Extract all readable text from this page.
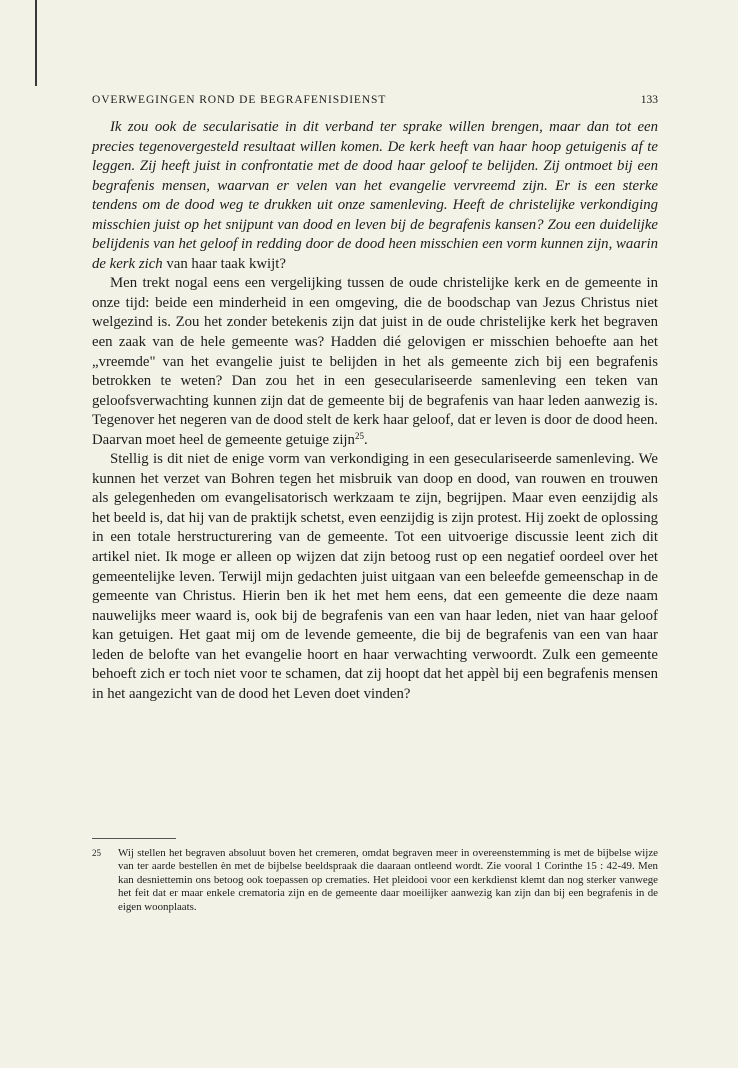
OVERWEGINGEN ROND DE BEGRAFENISDIENST	133

Ik zou ook de secularisatie in dit verband ter sprake willen brengen, maar dan tot een precies tegenovergesteld resultaat willen komen. De kerk heeft van haar hoop getuigenis af te leggen. Zij heeft juist in confrontatie met de dood haar geloof te belijden. Zij ontmoet bij een begrafenis mensen, waarvan er velen van het evangelie vervreemd zijn. Er is een sterke tendens om de dood weg te drukken uit onze samenleving. Heeft de christelijke verkondiging misschien juist op het snijpunt van dood en leven bij de begrafenis kansen? Zou een duidelijke belijdenis van het geloof in redding door de dood heen misschien een vorm kunnen zijn, waarin de kerk zich van haar taak kwijt?

Men trekt nogal eens een vergelijking tussen de oude christelijke kerk en de gemeente in onze tijd: beide een minderheid in een omgeving, die de boodschap van Jezus Christus niet welgezind is. Zou het zonder betekenis zijn dat juist in de oude christelijke kerk het begraven een zaak van de hele gemeente was? Hadden dié gelovigen er misschien behoefte aan het „vreemde" van het evangelie juist te belijden in het als gemeente zich bij een begrafenis betrokken te weten? Dan zou het in een geseculariseerde samenleving een teken van geloofsverwachting kunnen zijn dat de gemeente bij de begrafenis van haar leden aanwezig is. Tegenover het negeren van de dood stelt de kerk haar geloof, dat er leven is door de dood heen. Daarvan moet heel de gemeente getuige zijn$^{25}$.

Stellig is dit niet de enige vorm van verkondiging in een geseculariseerde samenleving. We kunnen het verzet van Bohren tegen het misbruik van doop en dood, van rouwen en trouwen als gelegenheden om evangelisatorisch werkzaam te zijn, begrijpen. Maar even eenzijdig als het beeld is, dat hij van de praktijk schetst, even eenzijdig is zijn protest. Hij zoekt de oplossing in een totale herstructurering van de gemeente. Tot een uitvoerige discussie leent zich dit artikel niet. Ik moge er alleen op wijzen dat zijn betoog rust op een negatief oordeel over het gemeentelijke leven. Terwijl mijn gedachten juist uitgaan van een beleefde gemeenschap in de gemeente van Christus. Hierin ben ik het met hem eens, dat een gemeente die deze naam nauwelijks meer waard is, ook bij de begrafenis van een van haar leden, niet van haar geloof kan getuigen. Het gaat mij om de levende gemeente, die bij de begrafenis van een van haar leden de belofte van het evangelie hoort en haar verwachting verwoordt. Zulk een gemeente behoeft zich er toch niet voor te schamen, dat zij hoopt dat het appèl bij een begrafenis mensen in het aangezicht van de dood het Leven doet vinden?

25 Wij stellen het begraven absoluut boven het cremeren, omdat begraven meer in overeenstemming is met de bijbelse wijze van ter aarde bestellen èn met de bijbelse beeldspraak die daaraan ontleend wordt. Zie vooral 1 Corinthe 15 : 42-49. Men kan desniettemin ons betoog ook toepassen op crematies. Het pleidooi voor een kerkdienst klemt dan nog sterker vanwege het feit dat er maar enkele crematoria zijn en de gemeente daar moeilijker aanwezig kan zijn dan bij een begrafenis in de eigen woonplaats.
